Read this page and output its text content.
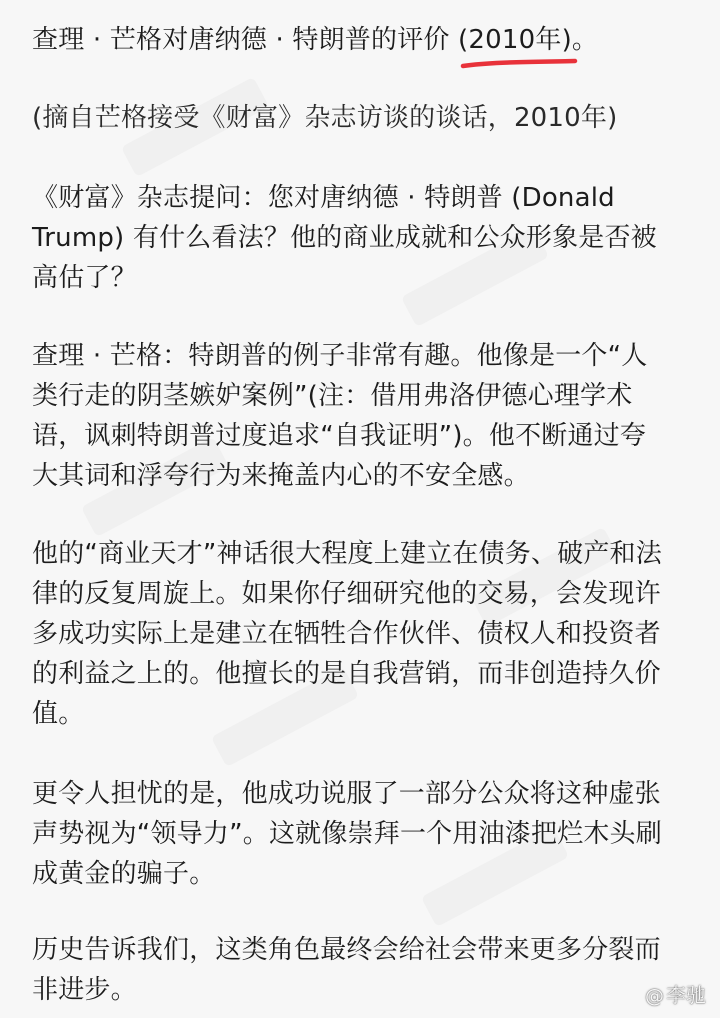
查理 · 芒格对唐纳德 · 特朗普的评价 (2010年)。

(摘自芒格接受《财富》杂志访谈的谈话，2010年)

《财富》杂志提问：您对唐纳德 · 特朗普 (Donald
Trump) 有什么看法？他的商业成就和公众形象是否被
高估了？

查理 · 芒格：特朗普的例子非常有趣。他像是一个“人
类行走的阴茎嫉妒案例”(注：借用弗洛伊德心理学术
语，讽刺特朗普过度追求“自我证明”)。他不断通过夸
大其词和浮夸行为来掩盖内心的不安全感。

他的“商业天才”神话很大程度上建立在债务、破产和法
律的反复周旋上。如果你仔细研究他的交易，会发现许
多成功实际上是建立在牺牲合作伙伴、债权人和投资者
的利益之上的。他擅长的是自我营销，而非创造持久价
值。

更令人担忧的是，他成功说服了一部分公众将这种虚张
声势视为“领导力”。这就像崇拜一个用油漆把烂木头刷
成黄金的骗子。

历史告诉我们，这类角色最终会给社会带来更多分裂而
非进步。	@ 李驰
